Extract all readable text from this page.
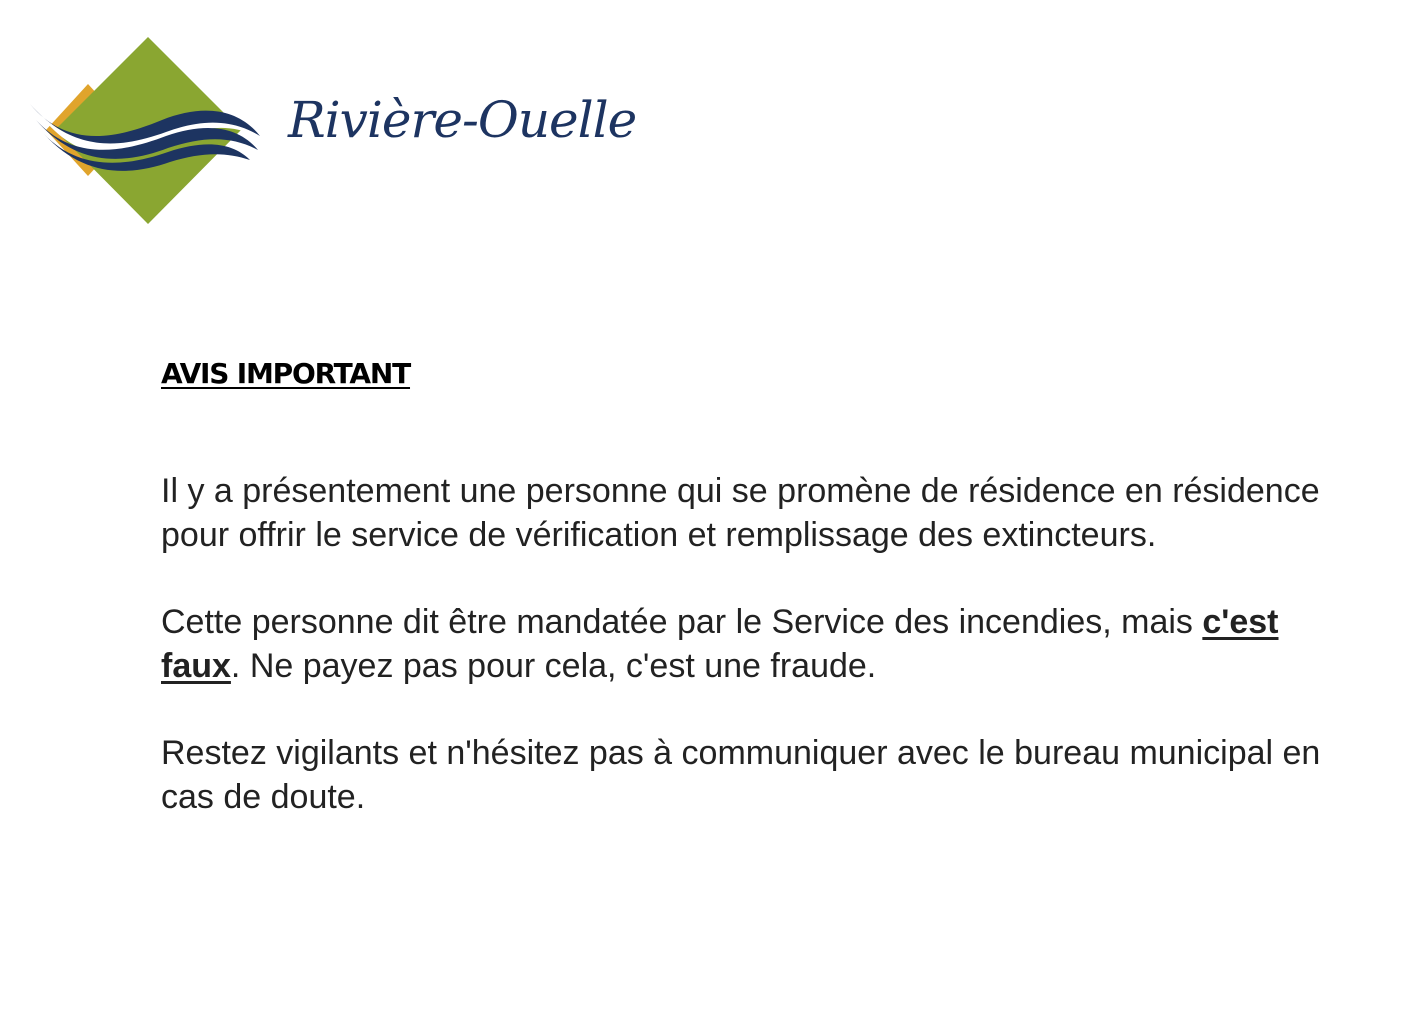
Rivière-Ouelle
AVIS IMPORTANT

Il y a présentement une personne qui se promène de résidence en résidence pour offrir le service de vérification et remplissage des extincteurs.

Cette personne dit être mandatée par le Service des incendies, mais c'est faux. Ne payez pas pour cela, c'est une fraude.

Restez vigilants et n'hésitez pas à communiquer avec le bureau municipal en cas de doute.
